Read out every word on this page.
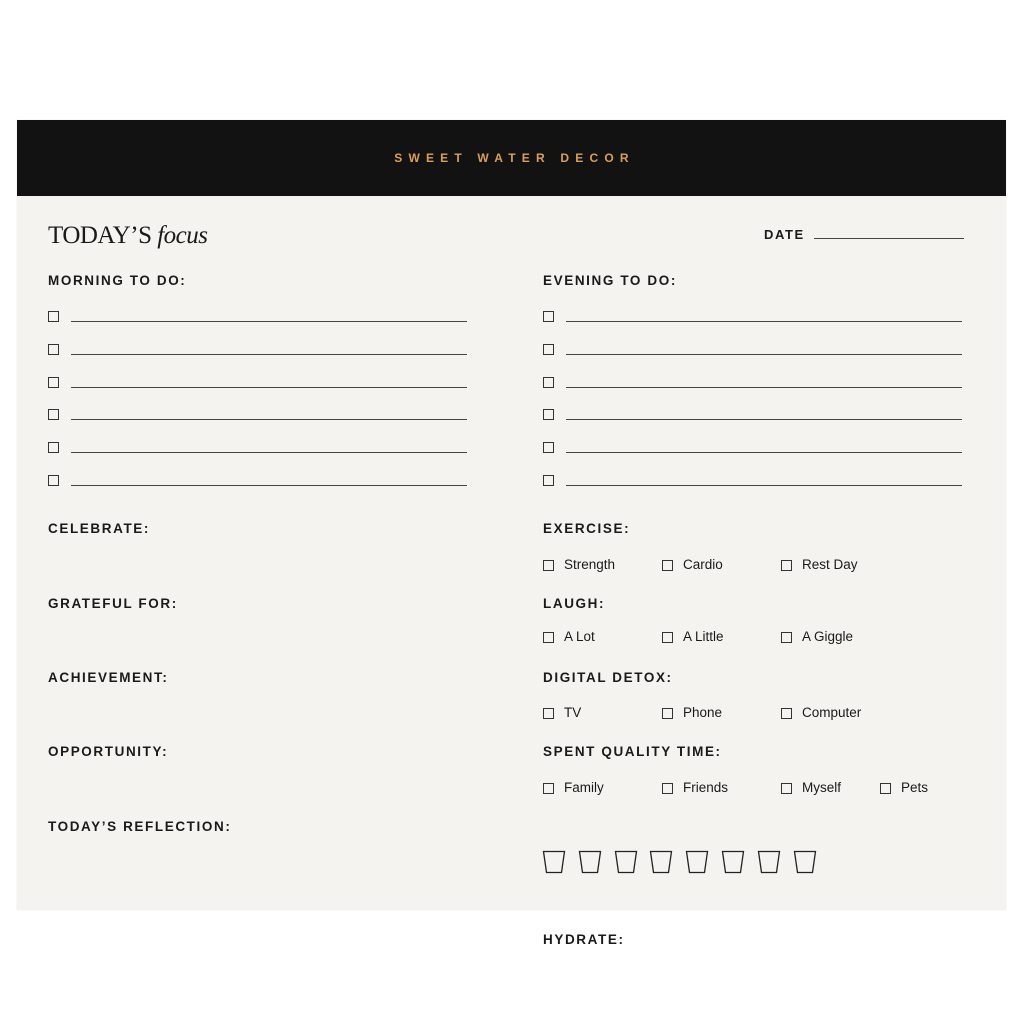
SWEET WATER DECOR
TODAY’S focus	DATE
MORNING TO DO:	EVENING TO DO:
HYDRATE:
CELEBRATE:
GRATEFUL FOR:
ACHIEVEMENT:
OPPORTUNITY:
TODAY’S REFLECTION:
EXERCISE:
Strength	Cardio	Rest Day
LAUGH:
A Lot	A Little	A Giggle
DIGITAL DETOX:
TV	Phone	Computer
SPENT QUALITY TIME:
Family	Friends	Myself	Pets
